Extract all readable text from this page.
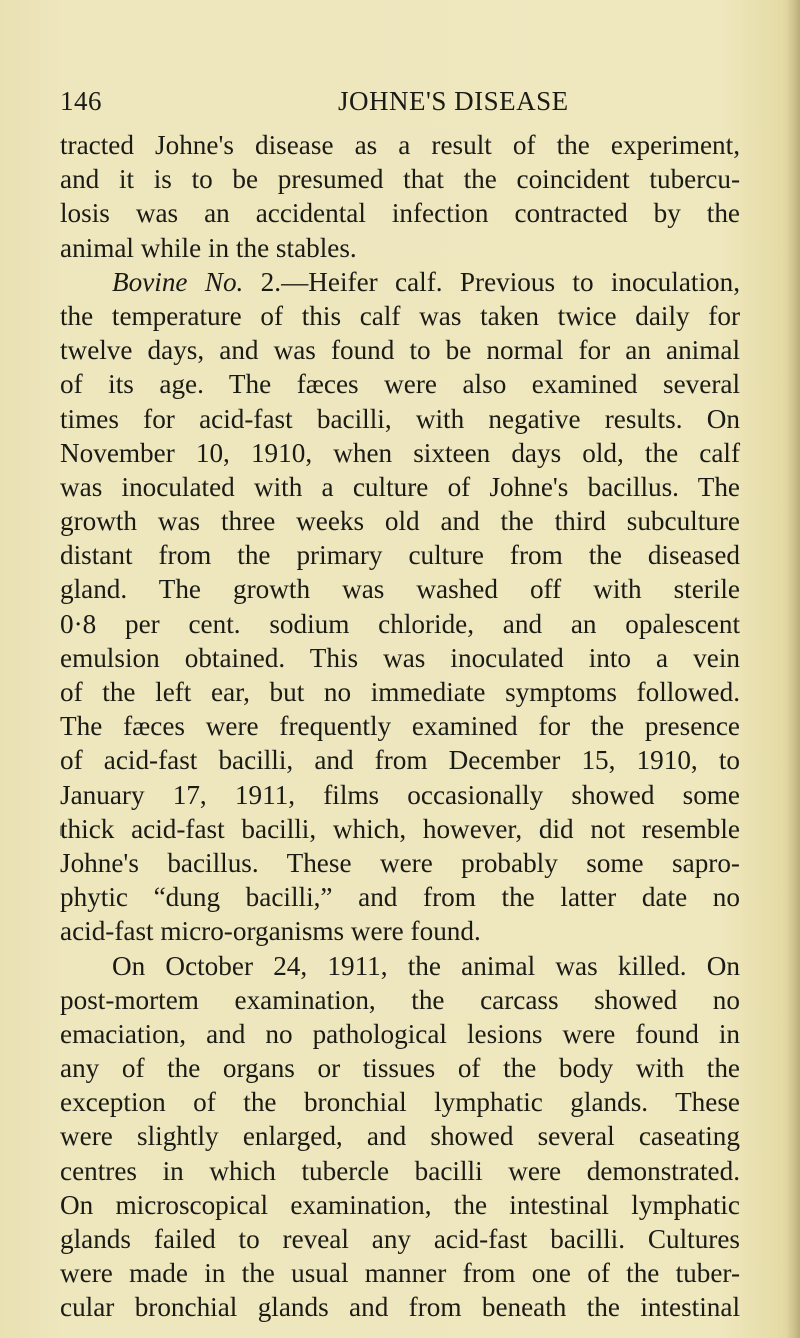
146	JOHNE'S DISEASE
tracted Johne's disease as a result of the experiment,
and it is to be presumed that the coincident tubercu-
losis was an accidental infection contracted by the
animal while in the stables.
Bovine No. 2.—Heifer calf. Previous to inoculation,
the temperature of this calf was taken twice daily for
twelve days, and was found to be normal for an animal
of its age. The fæces were also examined several
times for acid-fast bacilli, with negative results. On
November 10, 1910, when sixteen days old, the calf
was inoculated with a culture of Johne's bacillus. The
growth was three weeks old and the third subculture
distant from the primary culture from the diseased
gland. The growth was washed off with sterile
0·8 per cent. sodium chloride, and an opalescent
emulsion obtained. This was inoculated into a vein
of the left ear, but no immediate symptoms followed.
The fæces were frequently examined for the presence
of acid-fast bacilli, and from December 15, 1910, to
January 17, 1911, films occasionally showed some
thick acid-fast bacilli, which, however, did not resemble
Johne's bacillus. These were probably some sapro-
phytic “dung bacilli,” and from the latter date no
acid-fast micro-organisms were found.
On October 24, 1911, the animal was killed. On
post-mortem examination, the carcass showed no
emaciation, and no pathological lesions were found in
any of the organs or tissues of the body with the
exception of the bronchial lymphatic glands. These
were slightly enlarged, and showed several caseating
centres in which tubercle bacilli were demonstrated.
On microscopical examination, the intestinal lymphatic
glands failed to reveal any acid-fast bacilli. Cultures
were made in the usual manner from one of the tuber-
cular bronchial glands and from beneath the intestinal
